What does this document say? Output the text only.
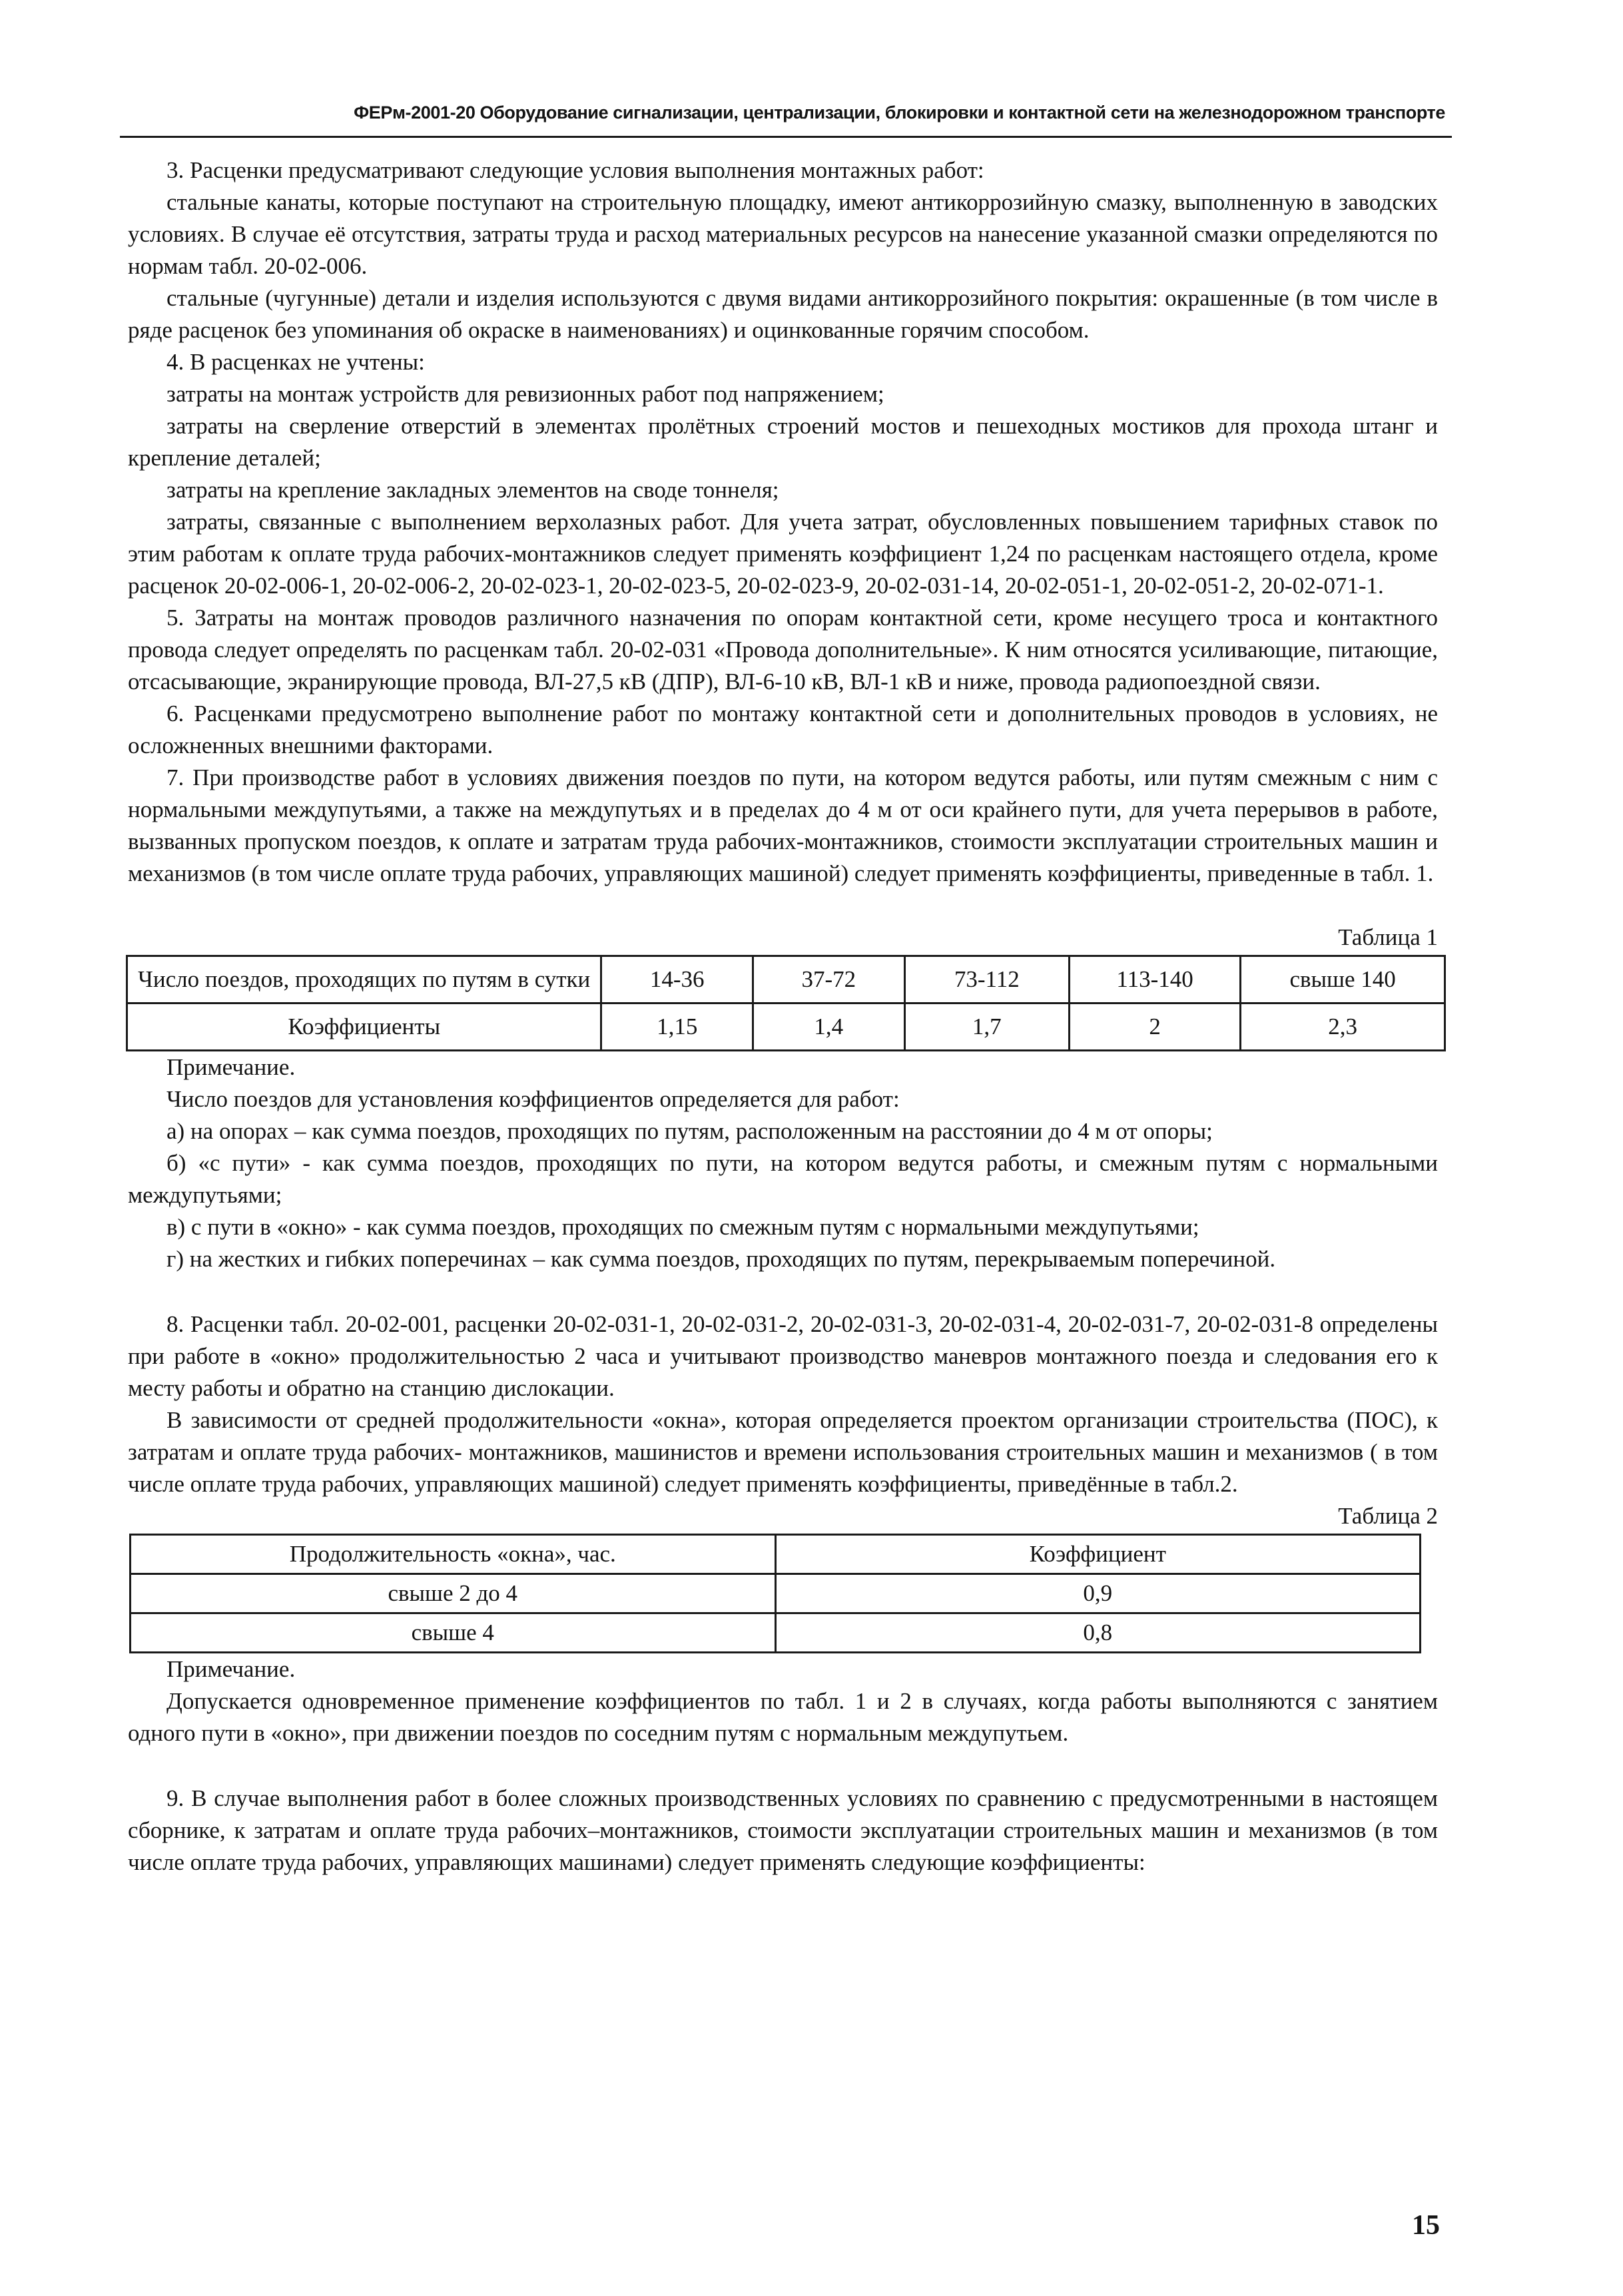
ФЕРм-2001-20 Оборудование сигнализации, централизации, блокировки и контактной сети на железнодорожном транспорте

3. Расценки предусматривают следующие условия выполнения монтажных работ:

стальные канаты, которые поступают на строительную площадку, имеют антикоррозийную смазку, выполненную в заводских условиях. В случае её отсутствия, затраты труда и расход материальных ресурсов на нанесение указанной смазки определяются по нормам табл. 20-02-006.

стальные (чугунные) детали и изделия используются с двумя видами антикоррозийного покрытия: окрашенные (в том числе в ряде расценок без упоминания об окраске в наименованиях) и оцинкованные горячим способом.

4. В расценках не учтены:

затраты на монтаж устройств для ревизионных работ под напряжением;

затраты на сверление отверстий в элементах пролётных строений мостов и пешеходных мостиков для прохода штанг и крепление деталей;

затраты на крепление закладных элементов на своде тоннеля;

затраты, связанные с выполнением верхолазных работ. Для учета затрат, обусловленных повышением тарифных ставок по этим работам к оплате труда рабочих-монтажников следует применять коэффициент 1,24 по расценкам настоящего отдела, кроме расценок 20-02-006-1, 20-02-006-2, 20-02-023-1, 20-02-023-5, 20-02-023-9, 20-02-031-14, 20-02-051-1, 20-02-051-2, 20-02-071-1.

5. Затраты на монтаж проводов различного назначения по опорам контактной сети, кроме несущего троса и контактного провода следует определять по расценкам табл. 20-02-031 «Провода дополнительные». К ним относятся усиливающие, питающие, отсасывающие, экранирующие провода, ВЛ-27,5 кВ (ДПР), ВЛ-6-10 кВ, ВЛ-1 кВ и ниже, провода радиопоездной связи.

6. Расценками предусмотрено выполнение работ по монтажу контактной сети и дополнительных проводов в условиях, не осложненных внешними факторами.

7. При производстве работ в условиях движения поездов по пути, на котором ведутся работы, или путям смежным с ним с нормальными междупутьями, а также на междупутьях и в пределах до 4 м от оси крайнего пути, для учета перерывов в работе, вызванных пропуском поездов, к оплате и затратам труда рабочих-монтажников, стоимости эксплуатации строительных машин и механизмов (в том числе оплате труда рабочих, управляющих машиной) следует применять коэффициенты, приведенные в табл. 1.

Таблица 1

Число поездов, проходящих по путям в сутки	14-36	37-72	73-112	113-140	свыше 140
Коэффициенты	1,15	1,4	1,7	2	2,3

Примечание.

Число поездов для установления коэффициентов определяется для работ:

а) на опорах – как сумма поездов, проходящих по путям, расположенным на расстоянии до 4 м от опоры;

б) «с пути» - как сумма поездов, проходящих по пути, на котором ведутся работы, и смежным путям с нормальными междупутьями;

в) с пути в «окно» - как сумма поездов, проходящих по смежным путям с нормальными междупутьями;

г) на жестких и гибких поперечинах – как сумма поездов, проходящих по путям, перекрываемым поперечиной.

8. Расценки табл. 20-02-001, расценки 20-02-031-1, 20-02-031-2, 20-02-031-3, 20-02-031-4, 20-02-031-7, 20-02-031-8 определены при работе в «окно» продолжительностью 2 часа и учитывают производство маневров монтажного поезда и следования его к месту работы и обратно на станцию дислокации.

В зависимости от средней продолжительности «окна», которая определяется проектом организации строительства (ПОС), к затратам и оплате труда рабочих- монтажников, машинистов и времени использования строительных машин и механизмов ( в том числе оплате труда рабочих, управляющих машиной) следует применять коэффициенты, приведённые в табл.2.

Таблица 2

Продолжительность «окна», час.	Коэффициент
свыше 2 до 4	0,9
свыше 4	0,8

Примечание.

Допускается одновременное применение коэффициентов по табл. 1 и 2 в случаях, когда работы выполняются с занятием одного пути в «окно», при движении поездов по соседним путям с нормальным междупутьем.

9. В случае выполнения работ в более сложных производственных условиях по сравнению с предусмотренными в настоящем сборнике, к затратам и оплате труда рабочих–монтажников, стоимости эксплуатации строительных машин и механизмов (в том числе оплате труда рабочих, управляющих машинами) следует применять следующие коэффициенты:

15
